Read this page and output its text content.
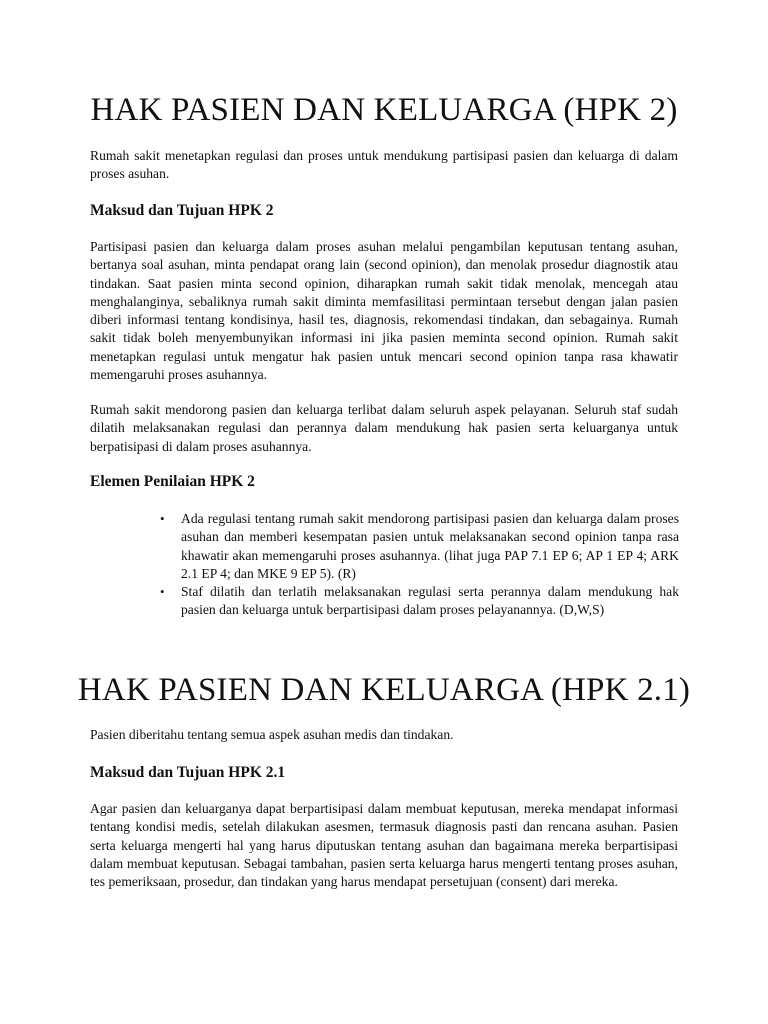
HAK PASIEN DAN KELUARGA (HPK 2)

Rumah sakit menetapkan regulasi dan proses untuk mendukung partisipasi pasien dan keluarga di dalam proses asuhan.

Maksud dan Tujuan HPK 2

Partisipasi pasien dan keluarga dalam proses asuhan melalui pengambilan keputusan tentang asuhan, bertanya soal asuhan, minta pendapat orang lain (second opinion), dan menolak prosedur diagnostik atau tindakan. Saat pasien minta second opinion, diharapkan rumah sakit tidak menolak, mencegah atau menghalanginya, sebaliknya rumah sakit diminta memfasilitasi permintaan tersebut dengan jalan pasien diberi informasi tentang kondisinya, hasil tes, diagnosis, rekomendasi tindakan, dan sebagainya. Rumah sakit tidak boleh menyembunyikan informasi ini jika pasien meminta second opinion. Rumah sakit menetapkan regulasi untuk mengatur hak pasien untuk mencari second opinion tanpa rasa khawatir memengaruhi proses asuhannya.

Rumah sakit mendorong pasien dan keluarga terlibat dalam seluruh aspek pelayanan. Seluruh staf sudah dilatih melaksanakan regulasi dan perannya dalam mendukung hak pasien serta keluarganya untuk berpatisipasi di dalam proses asuhannya.

Elemen Penilaian HPK 2
• Ada regulasi tentang rumah sakit mendorong partisipasi pasien dan keluarga dalam proses asuhan dan memberi kesempatan pasien untuk melaksanakan second opinion tanpa rasa khawatir akan memengaruhi proses asuhannya. (lihat juga PAP 7.1 EP 6; AP 1 EP 4; ARK 2.1 EP 4; dan MKE 9 EP 5). (R)
• Staf dilatih dan terlatih melaksanakan regulasi serta perannya dalam mendukung hak pasien dan keluarga untuk berpartisipasi dalam proses pelayanannya. (D,W,S)
HAK PASIEN DAN KELUARGA (HPK 2.1)

Pasien diberitahu tentang semua aspek asuhan medis dan tindakan.

Maksud dan Tujuan HPK 2.1

Agar pasien dan keluarganya dapat berpartisipasi dalam membuat keputusan, mereka mendapat informasi tentang kondisi medis, setelah dilakukan asesmen, termasuk diagnosis pasti dan rencana asuhan. Pasien serta keluarga mengerti hal yang harus diputuskan tentang asuhan dan bagaimana mereka berpartisipasi dalam membuat keputusan. Sebagai tambahan, pasien serta keluarga harus mengerti tentang proses asuhan, tes pemeriksaan, prosedur, dan tindakan yang harus mendapat persetujuan (consent) dari mereka.
